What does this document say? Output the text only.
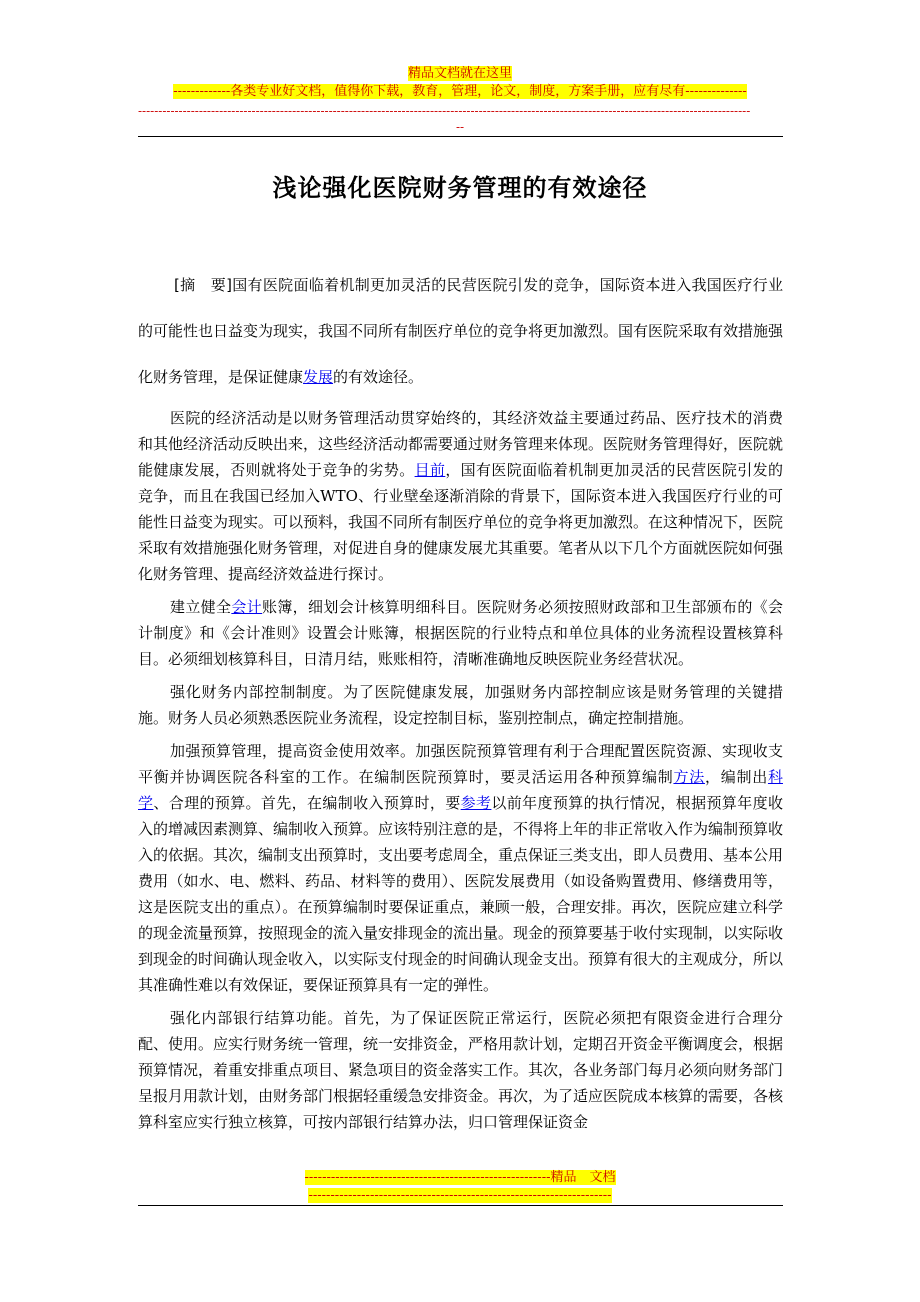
精品文档就在这里
-------------各类专业好文档，值得你下载，教育，管理，论文，制度，方案手册，应有尽有--------------
-------------------------------------------------------------------------------------------------------------------------------------------------------
--
浅论强化医院财务管理的有效途径

[摘　要]国有医院面临着机制更加灵活的民营医院引发的竞争，国际资本进入我国医疗行业的可能性也日益变为现实，我国不同所有制医疗单位的竞争将更加激烈。国有医院采取有效措施强化财务管理，是保证健康发展的有效途径。

医院的经济活动是以财务管理活动贯穿始终的，其经济效益主要通过药品、医疗技术的消费和其他经济活动反映出来，这些经济活动都需要通过财务管理来体现。医院财务管理得好，医院就能健康发展，否则就将处于竞争的劣势。目前，国有医院面临着机制更加灵活的民营医院引发的竞争，而且在我国已经加入WTO、行业壁垒逐渐消除的背景下，国际资本进入我国医疗行业的可能性日益变为现实。可以预料，我国不同所有制医疗单位的竞争将更加激烈。在这种情况下，医院采取有效措施强化财务管理，对促进自身的健康发展尤其重要。笔者从以下几个方面就医院如何强化财务管理、提高经济效益进行探讨。

建立健全会计账簿，细划会计核算明细科目。医院财务必须按照财政部和卫生部颁布的《会计制度》和《会计准则》设置会计账簿，根据医院的行业特点和单位具体的业务流程设置核算科目。必须细划核算科目，日清月结，账账相符，清晰准确地反映医院业务经营状况。

强化财务内部控制制度。为了医院健康发展，加强财务内部控制应该是财务管理的关键措施。财务人员必须熟悉医院业务流程，设定控制目标，鉴别控制点，确定控制措施。

加强预算管理，提高资金使用效率。加强医院预算管理有利于合理配置医院资源、实现收支平衡并协调医院各科室的工作。在编制医院预算时，要灵活运用各种预算编制方法，编制出科学、合理的预算。首先，在编制收入预算时，要参考以前年度预算的执行情况，根据预算年度收入的增减因素测算、编制收入预算。应该特别注意的是，不得将上年的非正常收入作为编制预算收入的依据。其次，编制支出预算时，支出要考虑周全，重点保证三类支出，即人员费用、基本公用费用（如水、电、燃料、药品、材料等的费用）、医院发展费用（如设备购置费用、修缮费用等，这是医院支出的重点）。在预算编制时要保证重点，兼顾一般，合理安排。再次，医院应建立科学的现金流量预算，按照现金的流入量安排现金的流出量。现金的预算要基于收付实现制，以实际收到现金的时间确认现金收入，以实际支付现金的时间确认现金支出。预算有很大的主观成分，所以其准确性难以有效保证，要保证预算具有一定的弹性。

强化内部银行结算功能。首先，为了保证医院正常运行，医院必须把有限资金进行合理分配、使用。应实行财务统一管理，统一安排资金，严格用款计划，定期召开资金平衡调度会，根据预算情况，着重安排重点项目、紧急项目的资金落实工作。其次，各业务部门每月必须向财务部门呈报月用款计划，由财务部门根据轻重缓急安排资金。再次，为了适应医院成本核算的需要，各核算科室应实行独立核算，可按内部银行结算办法，归口管理保证资金

--------------------------------------------------------精品　文档
---------------------------------------------------------------------
